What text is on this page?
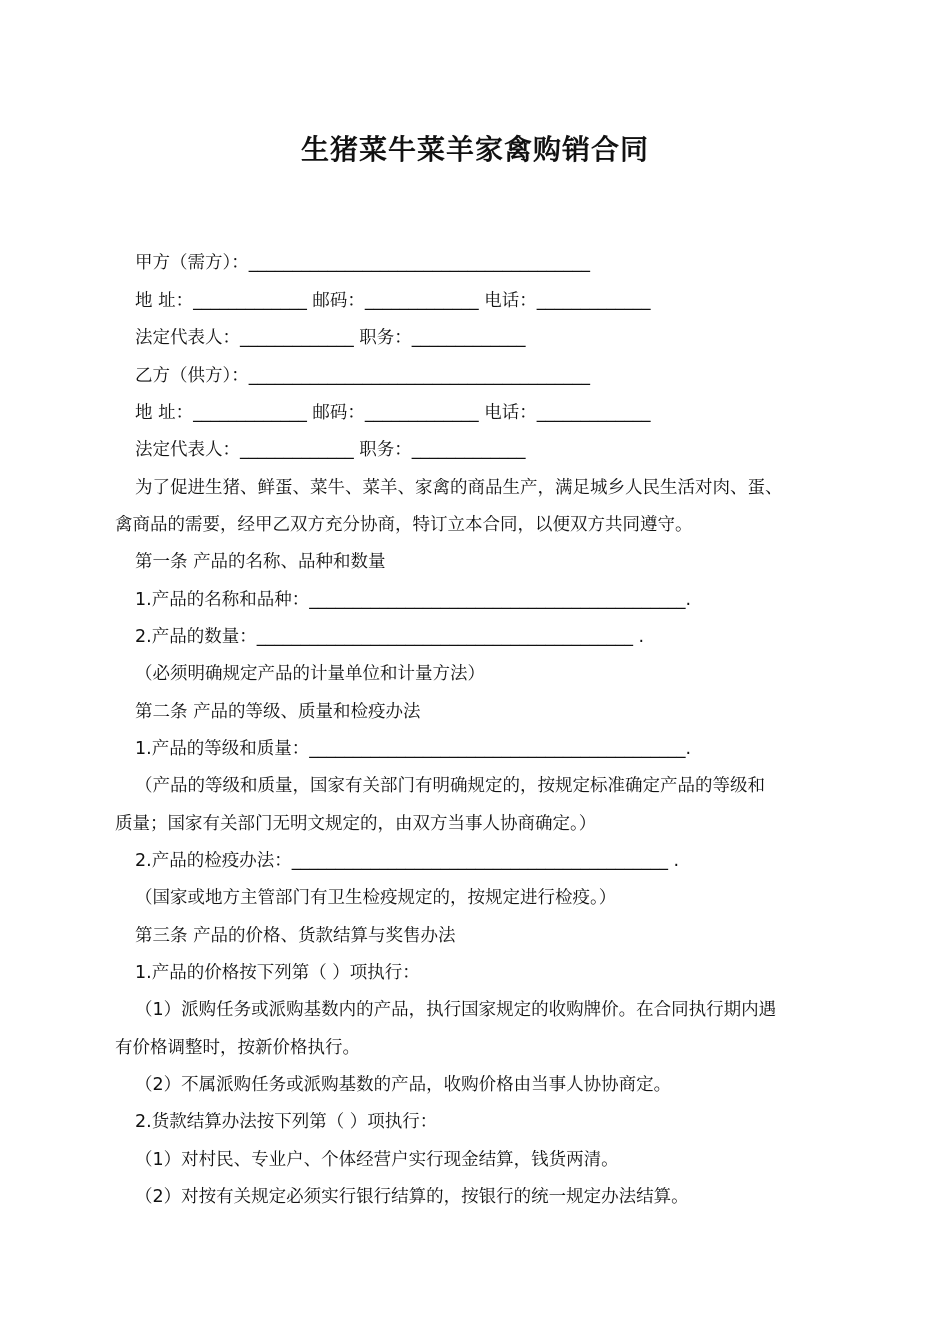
生猪菜牛菜羊家禽购销合同
甲方（需方）：_______________________________________
地 址：_____________ 邮码：_____________ 电话：_____________
法定代表人：_____________ 职务：_____________
乙方（供方）：_______________________________________
地 址：_____________ 邮码：_____________ 电话：_____________
法定代表人：_____________ 职务：_____________
为了促进生猪、鲜蛋、菜牛、菜羊、家禽的商品生产，满足城乡人民生活对肉、蛋、
禽商品的需要，经甲乙双方充分协商，特订立本合同，以便双方共同遵守。
第一条 产品的名称、品种和数量
1.产品的名称和品种：___________________________________________.
2.产品的数量：___________________________________________ .
（必须明确规定产品的计量单位和计量方法）
第二条 产品的等级、质量和检疫办法
1.产品的等级和质量：___________________________________________.
（产品的等级和质量，国家有关部门有明确规定的，按规定标准确定产品的等级和
质量；国家有关部门无明文规定的，由双方当事人协商确定。）
2.产品的检疫办法：___________________________________________ .
（国家或地方主管部门有卫生检疫规定的，按规定进行检疫。）
第三条 产品的价格、货款结算与奖售办法
1.产品的价格按下列第（ ）项执行：
（1）派购任务或派购基数内的产品，执行国家规定的收购牌价。在合同执行期内遇
有价格调整时，按新价格执行。
（2）不属派购任务或派购基数的产品，收购价格由当事人协协商定。
2.货款结算办法按下列第（ ）项执行：
（1）对村民、专业户、个体经营户实行现金结算，钱货两清。
（2）对按有关规定必须实行银行结算的，按银行的统一规定办法结算。
